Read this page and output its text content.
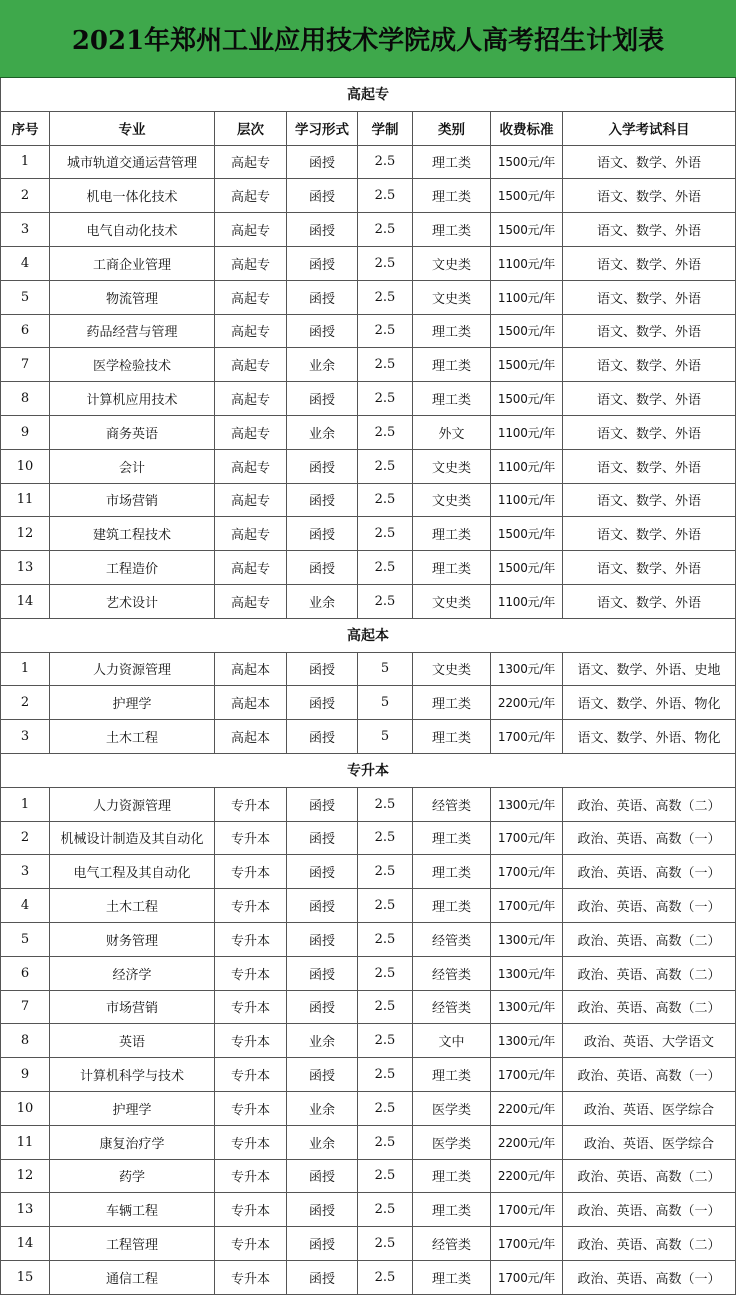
2021年郑州工业应用技术学院成人高考招生计划表
高起专
序号	专业	层次	学习形式	学制	类别	收费标准	入学考试科目
1	城市轨道交通运营管理	高起专	函授	2.5	理工类	1500元/年	语文、数学、外语
2	机电一体化技术	高起专	函授	2.5	理工类	1500元/年	语文、数学、外语
3	电气自动化技术	高起专	函授	2.5	理工类	1500元/年	语文、数学、外语
4	工商企业管理	高起专	函授	2.5	文史类	1100元/年	语文、数学、外语
5	物流管理	高起专	函授	2.5	文史类	1100元/年	语文、数学、外语
6	药品经营与管理	高起专	函授	2.5	理工类	1500元/年	语文、数学、外语
7	医学检验技术	高起专	业余	2.5	理工类	1500元/年	语文、数学、外语
8	计算机应用技术	高起专	函授	2.5	理工类	1500元/年	语文、数学、外语
9	商务英语	高起专	业余	2.5	外文	1100元/年	语文、数学、外语
10	会计	高起专	函授	2.5	文史类	1100元/年	语文、数学、外语
11	市场营销	高起专	函授	2.5	文史类	1100元/年	语文、数学、外语
12	建筑工程技术	高起专	函授	2.5	理工类	1500元/年	语文、数学、外语
13	工程造价	高起专	函授	2.5	理工类	1500元/年	语文、数学、外语
14	艺术设计	高起专	业余	2.5	文史类	1100元/年	语文、数学、外语
高起本
1	人力资源管理	高起本	函授	5	文史类	1300元/年	语文、数学、外语、史地
2	护理学	高起本	函授	5	理工类	2200元/年	语文、数学、外语、物化
3	土木工程	高起本	函授	5	理工类	1700元/年	语文、数学、外语、物化
专升本
1	人力资源管理	专升本	函授	2.5	经管类	1300元/年	政治、英语、高数（二）
2	机械设计制造及其自动化	专升本	函授	2.5	理工类	1700元/年	政治、英语、高数（一）
3	电气工程及其自动化	专升本	函授	2.5	理工类	1700元/年	政治、英语、高数（一）
4	土木工程	专升本	函授	2.5	理工类	1700元/年	政治、英语、高数（一）
5	财务管理	专升本	函授	2.5	经管类	1300元/年	政治、英语、高数（二）
6	经济学	专升本	函授	2.5	经管类	1300元/年	政治、英语、高数（二）
7	市场营销	专升本	函授	2.5	经管类	1300元/年	政治、英语、高数（二）
8	英语	专升本	业余	2.5	文中	1300元/年	政治、英语、大学语文
9	计算机科学与技术	专升本	函授	2.5	理工类	1700元/年	政治、英语、高数（一）
10	护理学	专升本	业余	2.5	医学类	2200元/年	政治、英语、医学综合
11	康复治疗学	专升本	业余	2.5	医学类	2200元/年	政治、英语、医学综合
12	药学	专升本	函授	2.5	理工类	2200元/年	政治、英语、高数（二）
13	车辆工程	专升本	函授	2.5	理工类	1700元/年	政治、英语、高数（一）
14	工程管理	专升本	函授	2.5	经管类	1700元/年	政治、英语、高数（二）
15	通信工程	专升本	函授	2.5	理工类	1700元/年	政治、英语、高数（一）
